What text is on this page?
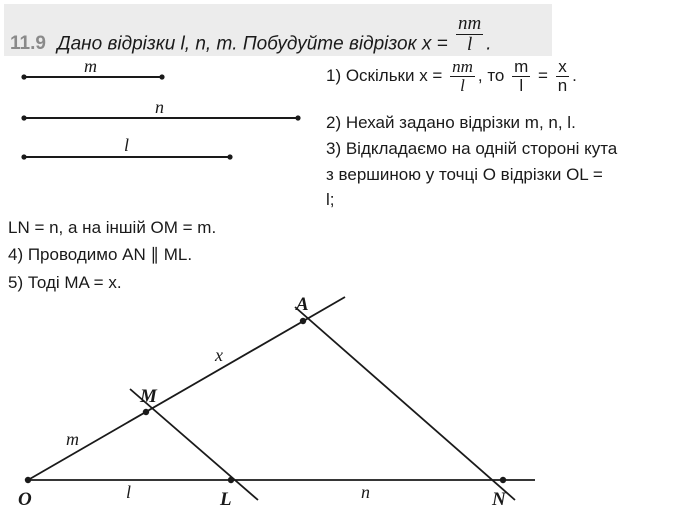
11.9 Дано відрізки l, n, m. Побудуйте відрізок $x = \frac{nm}{l}$ .
m
n
l
1) Оскільки $x = \frac{nm}{l}$ , то $\frac{m}{l} = \frac{x}{n}$ .
2) Нехай задано відрізки m, n, l.
3) Відкладаємо на одній стороні кута
з вершиною у точці O відрізки OL =
l;
LN = n, а на іншій OM = m.
4) Проводимо AN ∥ ML.
5) Тоді MA = x.
O	L	N
M
A
l	n
m
x
